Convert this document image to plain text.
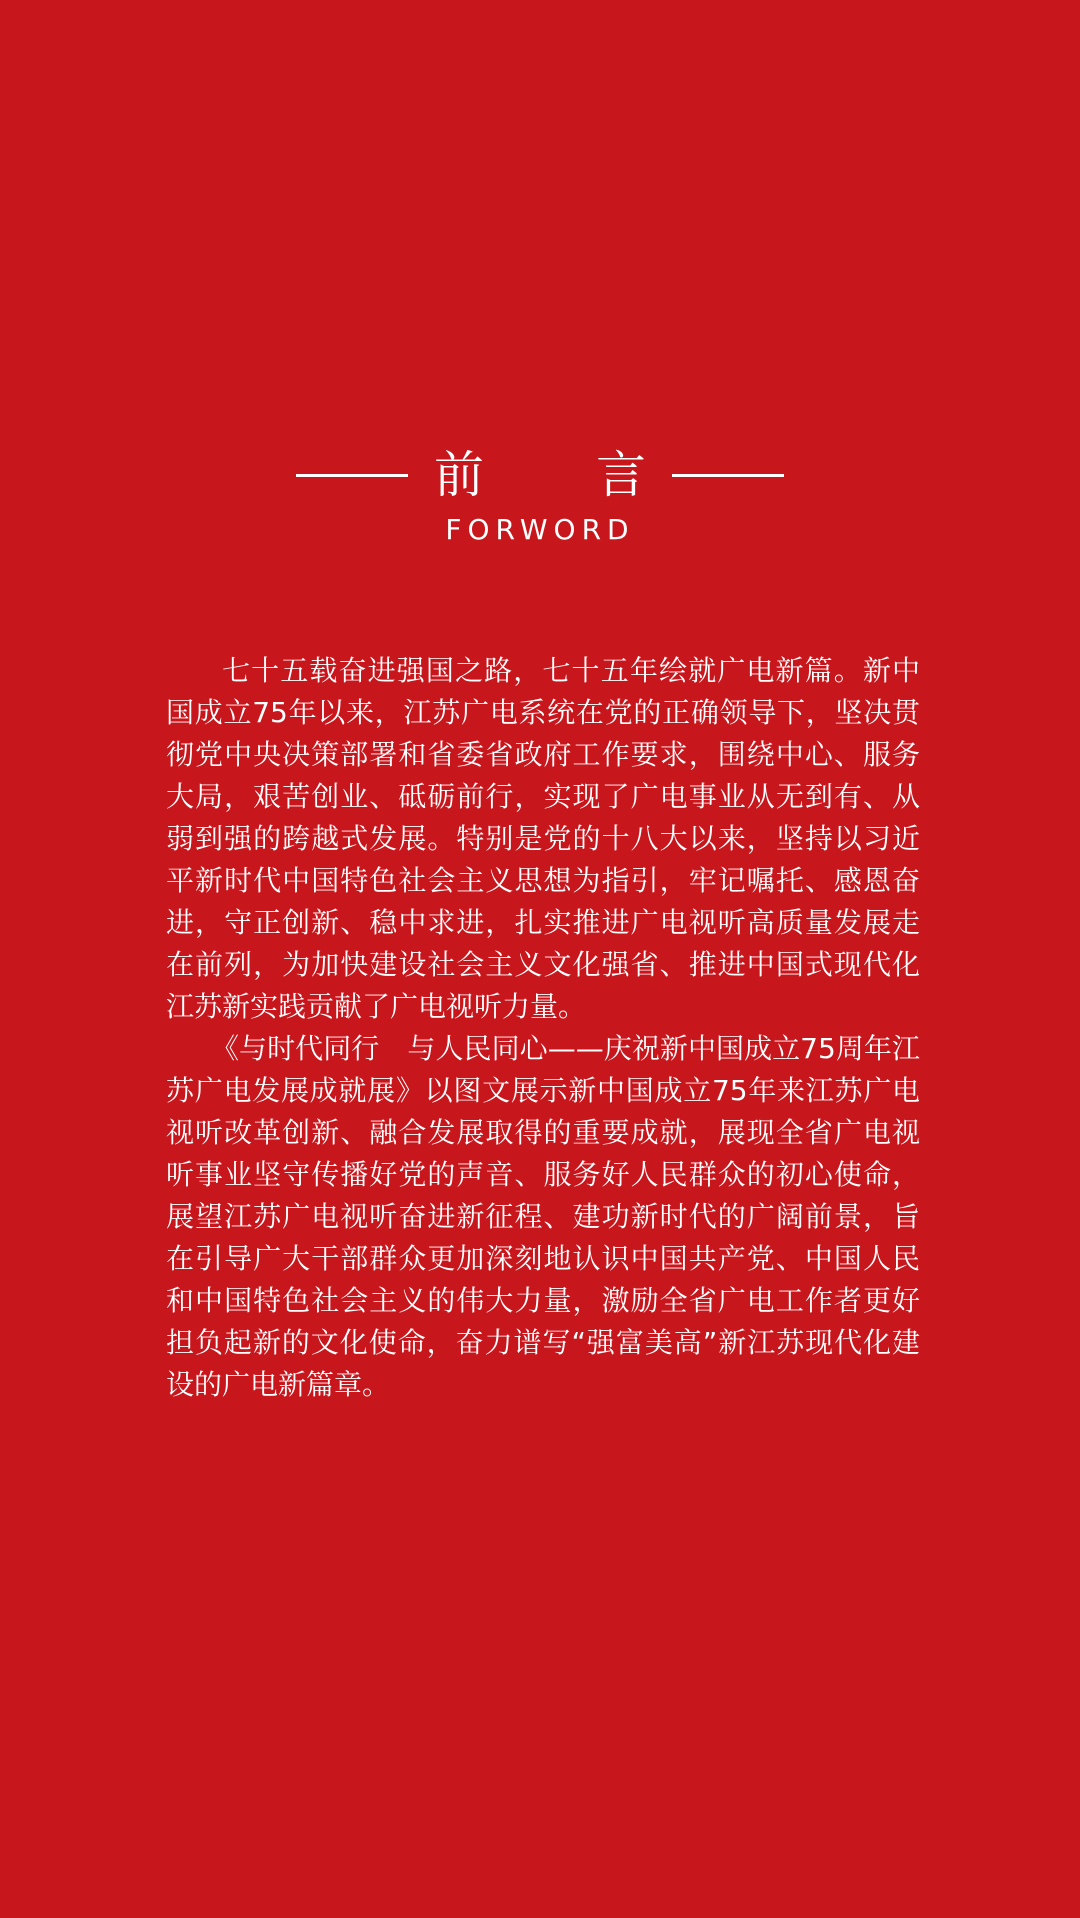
前 言
FORWORD

七十五载奋进强国之路，七十五年绘就广电新篇。新中国成立75年以来，江苏广电系统在党的正确领导下，坚决贯彻党中央决策部署和省委省政府工作要求，围绕中心、服务大局，艰苦创业、砥砺前行，实现了广电事业从无到有、从弱到强的跨越式发展。特别是党的十八大以来，坚持以习近平新时代中国特色社会主义思想为指引，牢记嘱托、感恩奋进，守正创新、稳中求进，扎实推进广电视听高质量发展走在前列，为加快建设社会主义文化强省、推进中国式现代化江苏新实践贡献了广电视听力量。

《与时代同行　与人民同心——庆祝新中国成立75周年江苏广电发展成就展》以图文展示新中国成立75年来江苏广电视听改革创新、融合发展取得的重要成就，展现全省广电视听事业坚守传播好党的声音、服务好人民群众的初心使命，展望江苏广电视听奋进新征程、建功新时代的广阔前景，旨在引导广大干部群众更加深刻地认识中国共产党、中国人民和中国特色社会主义的伟大力量，激励全省广电工作者更好担负起新的文化使命，奋力谱写“强富美高”新江苏现代化建设的广电新篇章。
